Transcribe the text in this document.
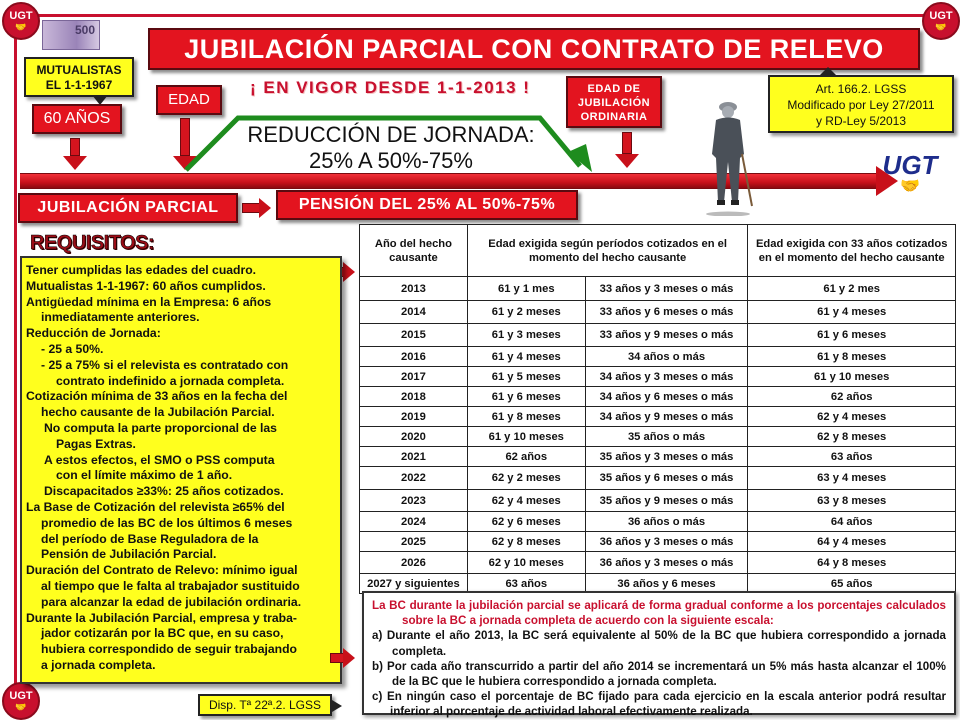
UGT
🤝
UGT
🤝
UGT
🤝
500
JUBILACIÓN PARCIAL CON CONTRATO DE RELEVO
¡ EN VIGOR DESDE 1-1-2013 !
MUTUALISTAS
EL 1-1-1967
60 AÑOS
EDAD
EDAD DE
JUBILACIÓN
ORDINARIA
Art. 166.2. LGSS
Modificado por Ley 27/2011
y RD-Ley 5/2013
REDUCCIÓN DE JORNADA:
25% A 50%-75%	UGT
🤝
JUBILACIÓN PARCIAL	PENSIÓN DEL 25% AL 50%-75%
REQUISITOS:

Tener cumplidas las edades del cuadro.

Mutualistas 1-1-1967: 60 años cumplidos.

Antigüedad mínima en la Empresa: 6 años

inmediatamente anteriores.

Reducción de Jornada:

- 25 a 50%.

- 25 a 75% si el relevista es contratado con

contrato indefinido a jornada completa.

Cotización mínima de 33 años en la fecha del

hecho causante de la Jubilación Parcial.

No computa la parte proporcional de las

Pagas Extras.

A estos efectos, el SMO o PSS computa

con el límite máximo de 1 año.

Discapacitados ≥33%: 25 años cotizados.

La Base de Cotización del relevista ≥65% del

promedio de las BC de los últimos 6 meses

del período de Base Reguladora de la

Pensión de Jubilación Parcial.

Duración del Contrato de Relevo: mínimo igual

al tiempo que le falta al trabajador sustituido

para alcanzar la edad de jubilación ordinaria.

Durante la Jubilación Parcial, empresa y traba-

jador cotizarán por la BC que, en su caso,

hubiera correspondido de seguir trabajando

a jornada completa.

Disp. Tª 22ª.2. LGSS
Año del hecho causante	Edad exigida según períodos cotizados en el momento del hecho causante		Edad exigida con 33 años cotizados en el momento del hecho causante
2013	61 y 1 mes	33 años y 3 meses o más	61 y 2 mes
2014	61 y 2 meses	33 años y 6 meses o más	61 y 4 meses
2015	61 y 3 meses	33 años y 9 meses o más	61 y 6 meses
2016	61 y 4 meses	34 años o más	61 y 8 meses
2017	61 y 5 meses	34 años y 3 meses o más	61 y 10 meses
2018	61 y 6 meses	34 años y 6 meses o más	62 años
2019	61 y 8 meses	34 años y 9 meses o más	62 y 4 meses
2020	61 y 10 meses	35 años o más	62 y 8 meses
2021	62 años	35 años y 3 meses o más	63 años
2022	62 y 2 meses	35 años y 6 meses o más	63 y 4 meses
2023	62 y 4 meses	35 años y 9 meses o más	63 y 8 meses
2024	62 y 6 meses	36 años o más	64 años
2025	62 y 8 meses	36 años y 3 meses o más	64 y 4 meses
2026	62 y 10 meses	36 años y 3 meses o más	64 y 8 meses
2027 y siguientes	63 años	36 años y 6 meses	65 años
La BC durante la jubilación parcial se aplicará de forma gradual conforme a los porcentajes calculados sobre la BC a jornada completa de acuerdo con la siguiente escala:
a) Durante el año 2013, la BC será equivalente al 50% de la BC que hubiera correspondido a jornada completa.
b) Por cada año transcurrido a partir del año 2014 se incrementará un 5% más hasta alcanzar el 100% de la BC que le hubiera correspondido a jornada completa.
c) En ningún caso el porcentaje de BC fijado para cada ejercicio en la escala anterior podrá resultar inferior al porcentaje de actividad laboral efectivamente realizada.
